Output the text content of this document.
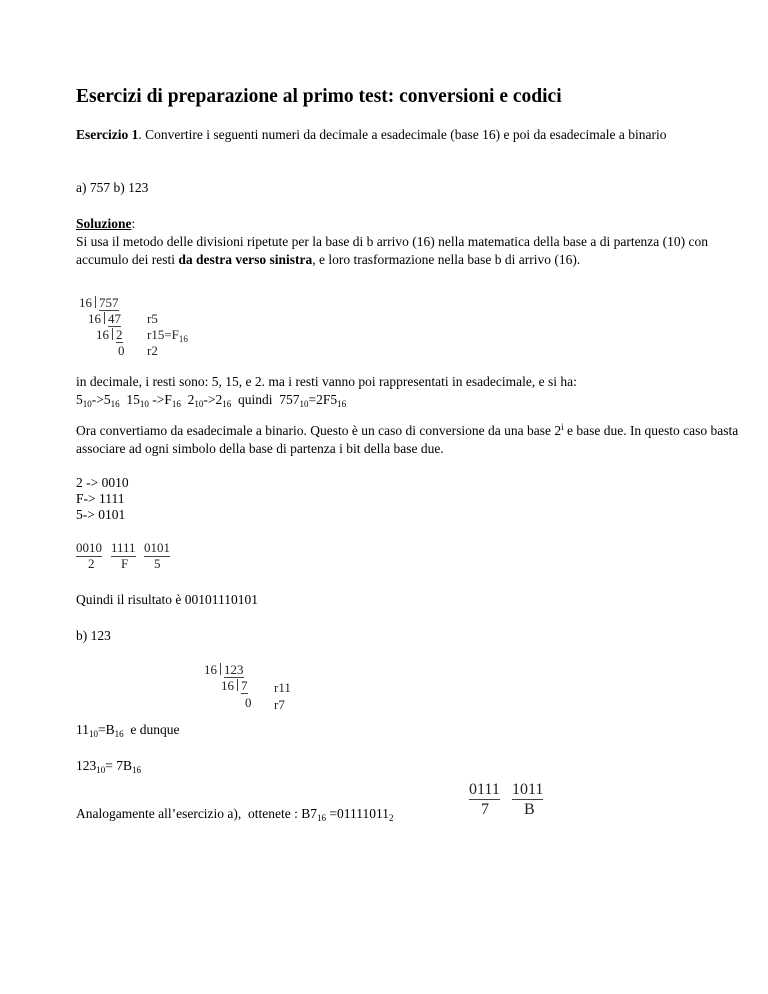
Esercizi di preparazione al primo test: conversioni e codici
Esercizio 1. Convertire i seguenti numeri da decimale a esadecimale (base 16) e poi da esadecimale a binario
a) 757 b) 123
Soluzione:
Si usa il metodo delle divisioni ripetute per la base di b arrivo (16) nella matematica della base a di partenza (10) con accumulo dei resti da destra verso sinistra, e loro trasformazione nella base b di arrivo (16).
16 757
16 47 r5
16 2 $r15=F_{16}$
0 r2
in decimale, i resti sono: 5, 15, e 2. ma i resti vanno poi rappresentati in esadecimale, e si ha:
$5_{10}->5_{16}$  $15_{10}$ $->F_{16}$  $2_{10}->2_{16}$  quindi  $757_{10}=2F5_{16}$
Ora convertiamo da esadecimale a binario. Questo è un caso di conversione da una base 2$^i$ e base due. In questo caso basta associare ad ogni simbolo della base di partenza i bit della base due.
2 -> 0010
F-> 1111
5-> 0101
0010 1111 0101
2 F 5
Quindi il risultato è 00101110101
b) 123
16 123
16 7 r11
0 r7
$11_{10}=B_{16}$  e dunque
$123_{10}= 7B_{16}$
Analogamente all’esercizio a),  ottenete : $B7_{16} =01111011_2$
0111 1011
7 B
